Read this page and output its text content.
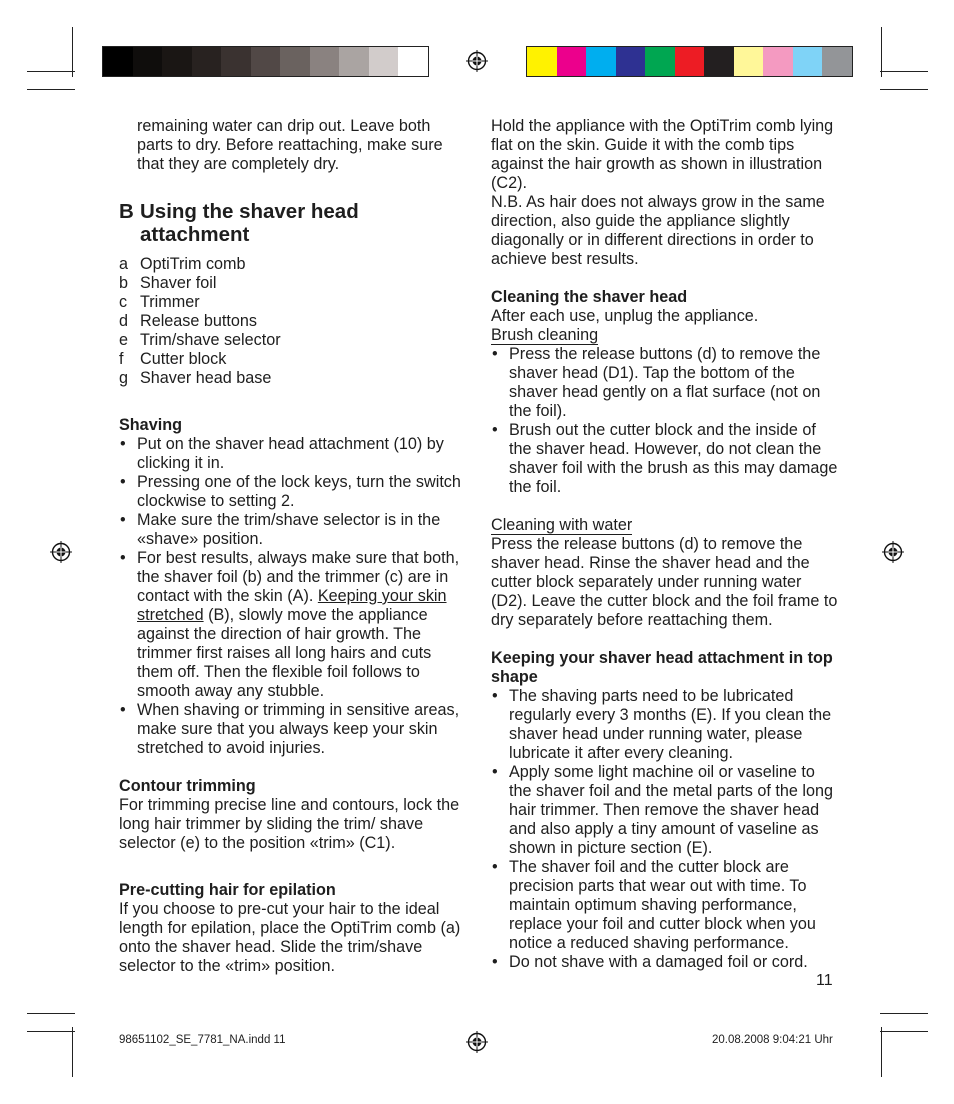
remaining water can drip out. Leave both parts to dry. Before reattaching, make sure that they are completely dry.

B Using the shaver head attachment
a OptiTrim comb
b Shaver foil
c Trimmer
d Release buttons
e Trim/shave selector
f	Cutter block
g Shaver head base

Shaving

• Put on the shaver head attachment (10) by clicking it in.
• Pressing one of the lock keys, turn the switch clockwise to setting 2.
• Make sure the trim/shave selector is in the «shave» position.
• For best results, always make sure that both, the shaver foil (b) and the trimmer (c) are in contact with the skin (A). Keeping your skin stretched (B), slowly move the appliance against the direction of hair growth. The trimmer first raises all long hairs and cuts them off. Then the flexible foil follows to smooth away any stubble.
• When shaving or trimming in sensitive areas, make sure that you always keep your skin stretched to avoid injuries.

Contour trimming

For trimming precise line and contours, lock the long hair trimmer by sliding the trim/ shave selector (e) to the position «trim» (C1).

Pre-cutting hair for epilation

If you choose to pre-cut your hair to the ideal length for epilation, place the OptiTrim comb (a) onto the shaver head. Slide the trim/shave selector to the «trim» position.

Hold the appliance with the OptiTrim comb lying flat on the skin. Guide it with the comb tips against the hair growth as shown in illustration (C2).

N.B. As hair does not always grow in the same direction, also guide the appliance slightly diagonally or in different directions in order to achieve best results.

Cleaning the shaver head

After each use, unplug the appliance.

Brush cleaning

• Press the release buttons (d) to remove the shaver head (D1). Tap the bottom of the shaver head gently on a flat surface (not on the foil).
• Brush out the cutter block and the inside of the shaver head. However, do not clean the shaver foil with the brush as this may damage the foil.

Cleaning with water

Press the release buttons (d) to remove the shaver head. Rinse the shaver head and the cutter block separately under running water (D2). Leave the cutter block and the foil frame to dry separately before reattaching them.

Keeping your shaver head attachment in top shape

• The shaving parts need to be lubricated regularly every 3 months (E). If you clean the shaver head under running water, please lubricate it after every cleaning.
• Apply some light machine oil or vaseline to the shaver foil and the metal parts of the long hair trimmer. Then remove the shaver head and also apply a tiny amount of vaseline as shown in picture section (E).
• The shaver foil and the cutter block are precision parts that wear out with time. To maintain optimum shaving performance, replace your foil and cutter block when you notice a reduced shaving performance.
• Do not shave with a damaged foil or cord.
11
98651102_SE_7781_NA.indd 11	20.08.2008 9:04:21 Uhr
